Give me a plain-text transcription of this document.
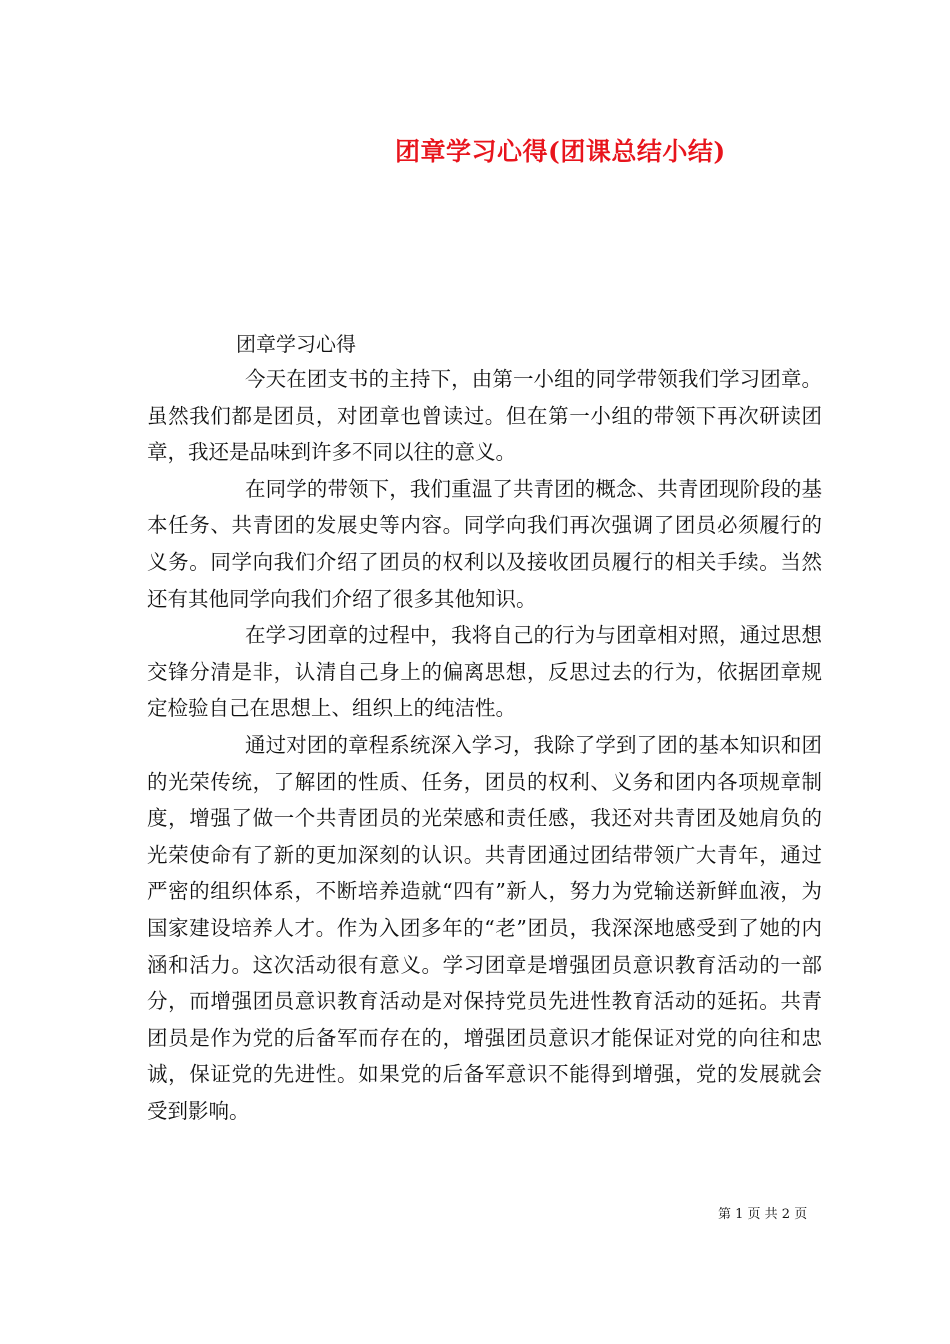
团章学习心得(团课总结小结)
团章学习心得

今天在团支书的主持下，由第一小组的同学带领我们学习团章。虽然我们都是团员，对团章也曾读过。但在第一小组的带领下再次研读团章，我还是品味到许多不同以往的意义。

在同学的带领下，我们重温了共青团的概念、共青团现阶段的基本任务、共青团的发展史等内容。同学向我们再次强调了团员必须履行的义务。同学向我们介绍了团员的权利以及接收团员履行的相关手续。当然还有其他同学向我们介绍了很多其他知识。

在学习团章的过程中，我将自己的行为与团章相对照，通过思想交锋分清是非，认清自己身上的偏离思想，反思过去的行为，依据团章规定检验自己在思想上、组织上的纯洁性。

通过对团的章程系统深入学习，我除了学到了团的基本知识和团的光荣传统，了解团的性质、任务，团员的权利、义务和团内各项规章制度，增强了做一个共青团员的光荣感和责任感，我还对共青团及她肩负的光荣使命有了新的更加深刻的认识。共青团通过团结带领广大青年，通过严密的组织体系，不断培养造就“四有”新人，努力为党输送新鲜血液，为国家建设培养人才。作为入团多年的“老”团员，我深深地感受到了她的内涵和活力。这次活动很有意义。学习团章是增强团员意识教育活动的一部分，而增强团员意识教育活动是对保持党员先进性教育活动的延拓。共青团员是作为党的后备军而存在的，增强团员意识才能保证对党的向往和忠诚，保证党的先进性。如果党的后备军意识不能得到增强，党的发展就会受到影响。

第 1 页 共 2 页
